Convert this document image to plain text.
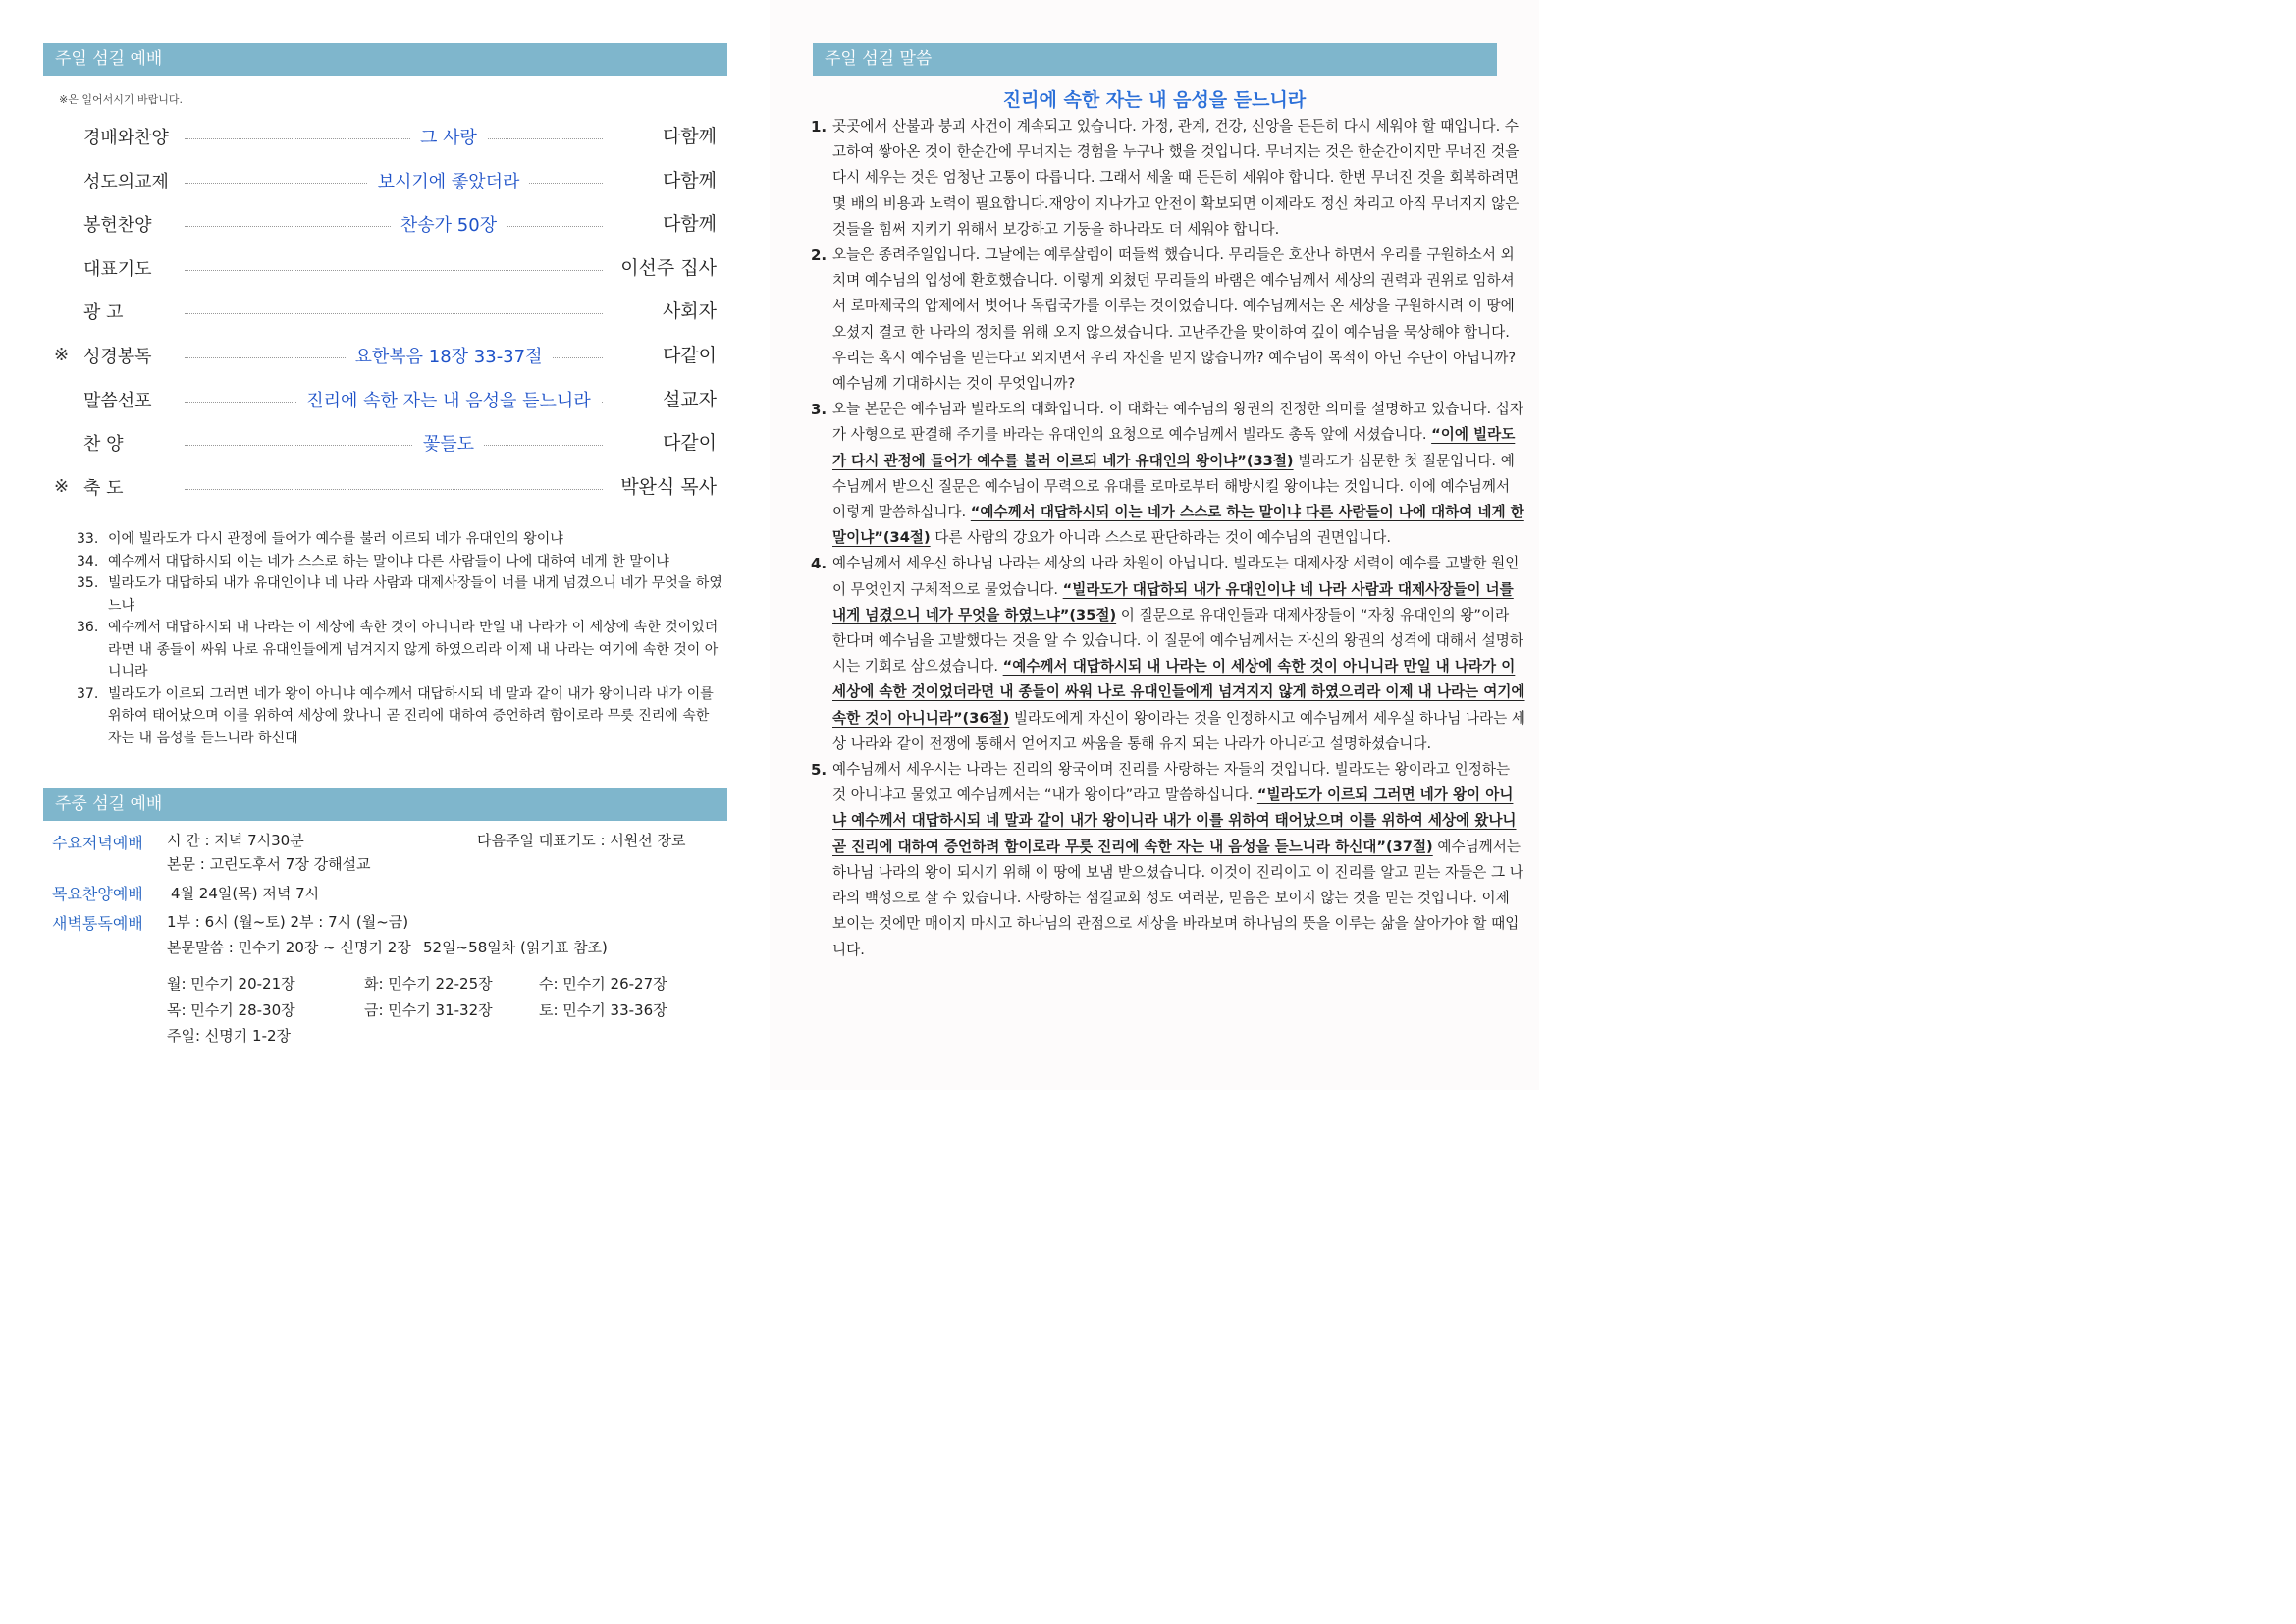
주일 섬길 예배
※은 일어서시기 바랍니다.
경배와찬양	그 사랑	다함께
성도의교제	보시기에 좋았더라	다함께
봉헌찬양	찬송가 50장	다함께
대표기도	이선주 집사
광 고	사회자
※ 성경봉독	요한복음 18장 33-37절	다같이
말씀선포	진리에 속한 자는 내 음성을 듣느니라	설교자
찬 양	꽃들도	다같이
※ 축 도	박완식 목사
33. 이에 빌라도가 다시 관정에 들어가 예수를 불러 이르되 네가 유대인의 왕이냐
34. 예수께서 대답하시되 이는 네가 스스로 하는 말이냐 다른 사람들이 나에 대하여 네게 한 말이냐
35. 빌라도가 대답하되 내가 유대인이냐 네 나라 사람과 대제사장들이 너를 내게 넘겼으니 네가 무엇을 하였느냐
36. 예수께서 대답하시되 내 나라는 이 세상에 속한 것이 아니니라 만일 내 나라가 이 세상에 속한 것이었더라면 내 종들이 싸워 나로 유대인들에게 넘겨지지 않게 하였으리라 이제 내 나라는 여기에 속한 것이 아니니라
37. 빌라도가 이르되 그러면 네가 왕이 아니냐 예수께서 대답하시되 네 말과 같이 내가 왕이니라 내가 이를 위하여 태어났으며 이를 위하여 세상에 왔나니 곧 진리에 대하여 증언하려 함이로라 무릇 진리에 속한 자는 내 음성을 듣느니라 하신대
주중 섬길 예배
수요저녁예배 시 간 : 저녁 7시30분	다음주일 대표기도 : 서원선 장로
본문 : 고린도후서 7장 강해설교
목요찬양예배 4월 24일(목) 저녁 7시
새벽통독예배 1부 : 6시 (월~토) 2부 : 7시 (월~금)
본문말씀 : 민수기 20장 ~ 신명기 2장 52일~58일차 (읽기표 참조)
월: 민수기 20-21장	화: 민수기 22-25장	수: 민수기 26-27장
목: 민수기 28-30장	금: 민수기 31-32장	토: 민수기 33-36장
주일: 신명기 1-2장
주일 섬길 말씀
진리에 속한 자는 내 음성을 듣느니라
1. 곳곳에서 산불과 붕괴 사건이 계속되고 있습니다. 가정, 관계, 건강, 신앙을 든든히 다시 세워야 할 때입니다. 수고하여 쌓아온 것이 한순간에 무너지는 경험을 누구나 했을 것입니다. 무너지는 것은 한순간이지만 무너진 것을 다시 세우는 것은 엄청난 고통이 따릅니다. 그래서 세울 때 든든히 세워야 합니다. 한번 무너진 것을 회복하려면 몇 배의 비용과 노력이 필요합니다.재앙이 지나가고 안전이 확보되면 이제라도 정신 차리고 아직 무너지지 않은 것들을 힘써 지키기 위해서 보강하고 기둥을 하나라도 더 세워야 합니다.
2. 오늘은 종려주일입니다. 그날에는 예루살렘이 떠들썩 했습니다. 무리들은 호산나 하면서 우리를 구원하소서 외치며 예수님의 입성에 환호했습니다. 이렇게 외쳤던 무리들의 바램은 예수님께서 세상의 권력과 권위로 임하셔서 로마제국의 압제에서 벗어나 독립국가를 이루는 것이었습니다. 예수님께서는 온 세상을 구원하시려 이 땅에 오셨지 결코 한 나라의 정치를 위해 오지 않으셨습니다. 고난주간을 맞이하여 깊이 예수님을 묵상해야 합니다. 우리는 혹시 예수님을 믿는다고 외치면서 우리 자신을 믿지 않습니까? 예수님이 목적이 아닌 수단이 아닙니까? 예수님께 기대하시는 것이 무엇입니까?
3. 오늘 본문은 예수님과 빌라도의 대화입니다. 이 대화는 예수님의 왕권의 진정한 의미를 설명하고 있습니다. 십자가 사형으로 판결해 주기를 바라는 유대인의 요청으로 예수님께서 빌라도 총독 앞에 서셨습니다. “이에 빌라도가 다시 관정에 들어가 예수를 불러 이르되 네가 유대인의 왕이냐”(33절) 빌라도가 심문한 첫 질문입니다. 예수님께서 받으신 질문은 예수님이 무력으로 유대를 로마로부터 해방시킬 왕이냐는 것입니다. 이에 예수님께서 이렇게 말씀하십니다. “예수께서 대답하시되 이는 네가 스스로 하는 말이냐 다른 사람들이 나에 대하여 네게 한 말이냐”(34절) 다른 사람의 강요가 아니라 스스로 판단하라는 것이 예수님의 권면입니다.
4. 예수님께서 세우신 하나님 나라는 세상의 나라 차원이 아닙니다. 빌라도는 대제사장 세력이 예수를 고발한 원인이 무엇인지 구체적으로 물었습니다. “빌라도가 대답하되 내가 유대인이냐 네 나라 사람과 대제사장들이 너를 내게 넘겼으니 네가 무엇을 하였느냐”(35절) 이 질문으로 유대인들과 대제사장들이 “자칭 유대인의 왕”이라 한다며 예수님을 고발했다는 것을 알 수 있습니다. 이 질문에 예수님께서는 자신의 왕권의 성격에 대해서 설명하시는 기회로 삼으셨습니다. “예수께서 대답하시되 내 나라는 이 세상에 속한 것이 아니니라 만일 내 나라가 이 세상에 속한 것이었더라면 내 종들이 싸워 나로 유대인들에게 넘겨지지 않게 하였으리라 이제 내 나라는 여기에 속한 것이 아니니라”(36절) 빌라도에게 자신이 왕이라는 것을 인정하시고 예수님께서 세우실 하나님 나라는 세상 나라와 같이 전쟁에 통해서 얻어지고 싸움을 통해 유지 되는 나라가 아니라고 설명하셨습니다.
5. 예수님께서 세우시는 나라는 진리의 왕국이며 진리를 사랑하는 자들의 것입니다. 빌라도는 왕이라고 인정하는 것 아니냐고 물었고 예수님께서는 “내가 왕이다”라고 말씀하십니다. “빌라도가 이르되 그러면 네가 왕이 아니냐 예수께서 대답하시되 네 말과 같이 내가 왕이니라 내가 이를 위하여 태어났으며 이를 위하여 세상에 왔나니 곧 진리에 대하여 증언하려 함이로라 무릇 진리에 속한 자는 내 음성을 듣느니라 하신대”(37절) 예수님께서는 하나님 나라의 왕이 되시기 위해 이 땅에 보냄 받으셨습니다. 이것이 진리이고 이 진리를 알고 믿는 자들은 그 나라의 백성으로 살 수 있습니다. 사랑하는 섬길교회 성도 여러분, 믿음은 보이지 않는 것을 믿는 것입니다. 이제 보이는 것에만 매이지 마시고 하나님의 관점으로 세상을 바라보며 하나님의 뜻을 이루는 삶을 살아가야 할 때입니다.
